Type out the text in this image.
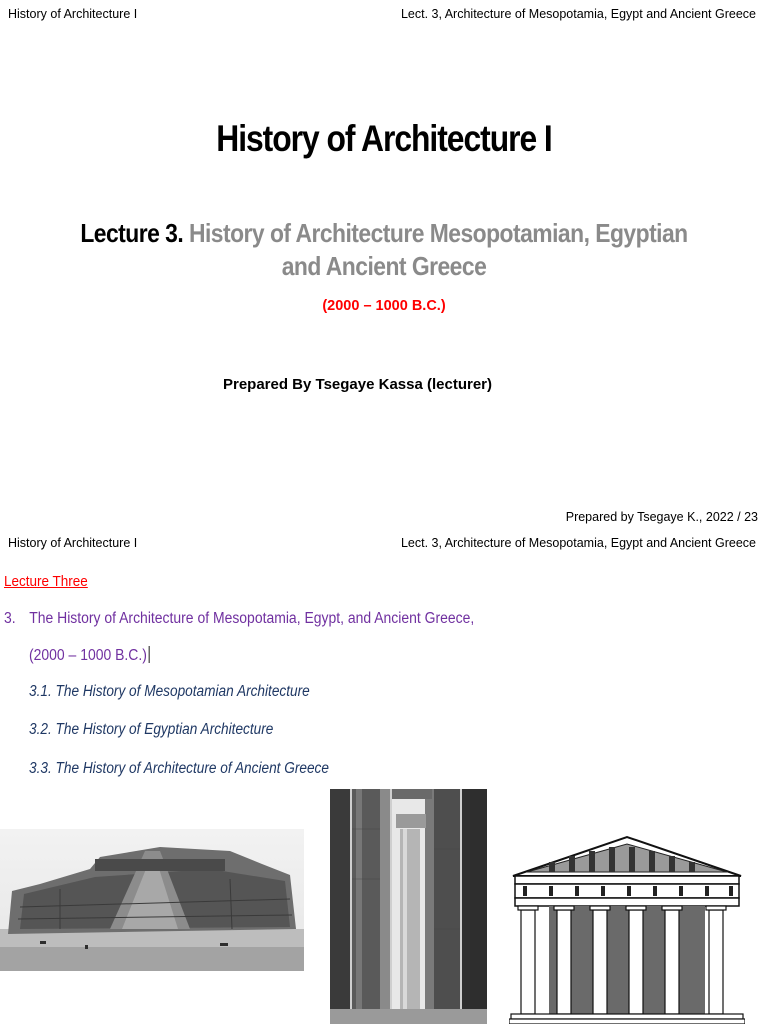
History of Architecture I	Lect. 3, Architecture of Mesopotamia, Egypt and Ancient Greece
History of Architecture I
Lecture 3. History of Architecture Mesopotamian, Egyptian and Ancient Greece
(2000 – 1000 B.C.)
Prepared By Tsegaye Kassa (lecturer)
Prepared by Tsegaye K., 2022 / 23
History of Architecture I	Lect. 3, Architecture of Mesopotamia, Egypt and Ancient Greece
Lecture Three
3. The History of Architecture of Mesopotamia, Egypt, and Ancient Greece,
(2000 – 1000 B.C.)
3.1. The History of Mesopotamian Architecture
3.2. The History of Egyptian Architecture
3.3. The History of Architecture of Ancient Greece
